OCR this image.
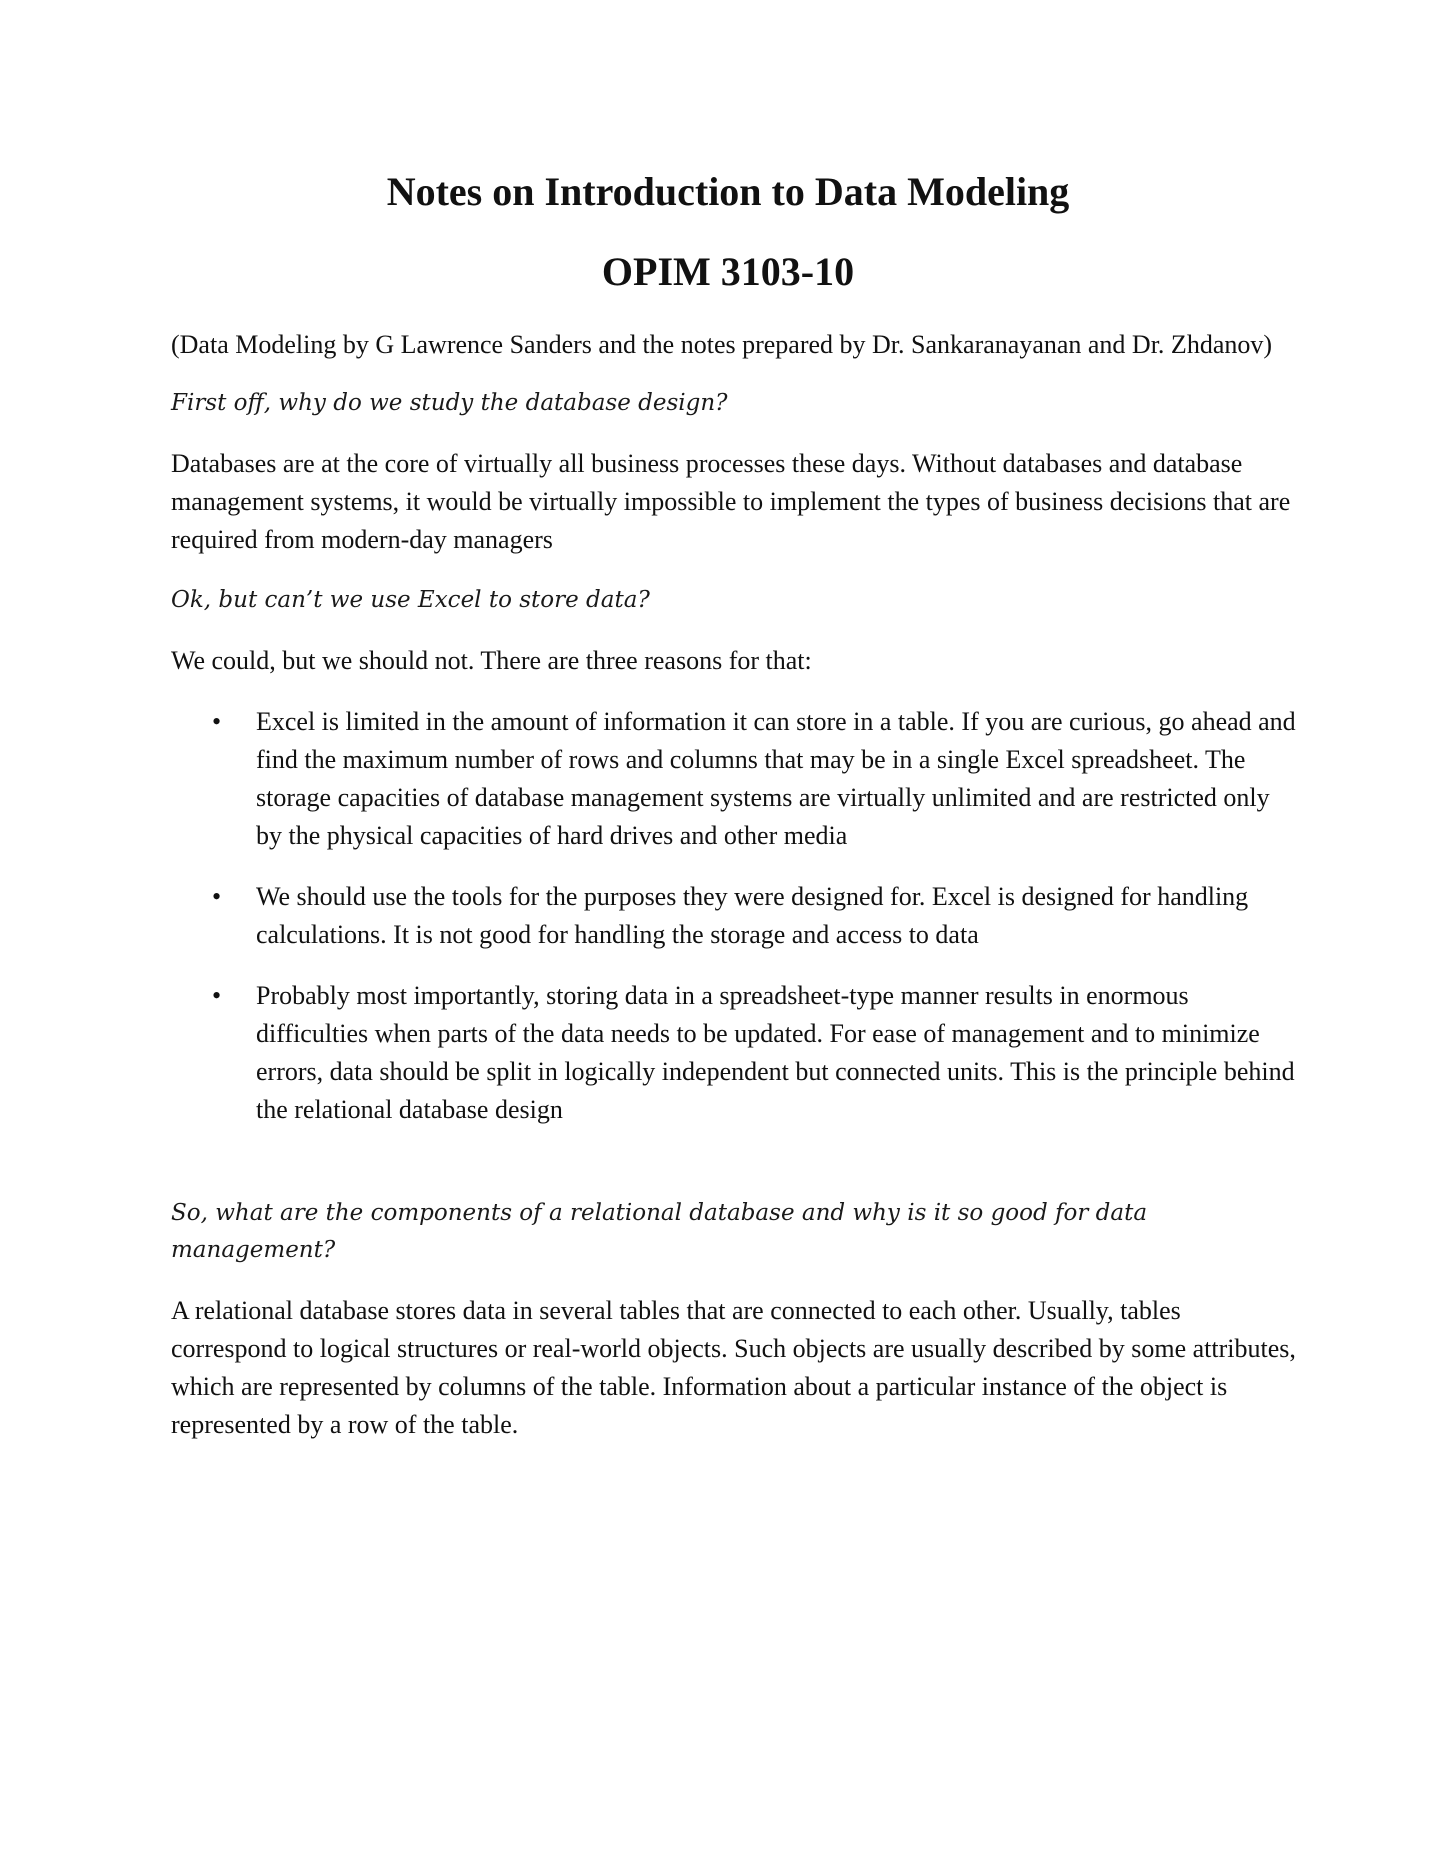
Notes on Introduction to Data Modeling
OPIM 3103-10

(Data Modeling by G Lawrence Sanders and the notes prepared by Dr. Sankaranayanan and Dr. Zhdanov)

First off, why do we study the database design?

Databases are at the core of virtually all business processes these days. Without databases and database management systems, it would be virtually impossible to implement the types of business decisions that are required from modern-day managers

Ok, but can’t we use Excel to store data?

We could, but we should not. There are three reasons for that:

• Excel is limited in the amount of information it can store in a table. If you are curious, go ahead and find the maximum number of rows and columns that may be in a single Excel spreadsheet. The storage capacities of database management systems are virtually unlimited and are restricted only by the physical capacities of hard drives and other media
• We should use the tools for the purposes they were designed for. Excel is designed for handling calculations. It is not good for handling the storage and access to data
• Probably most importantly, storing data in a spreadsheet-type manner results in enormous difficulties when parts of the data needs to be updated. For ease of management and to minimize errors, data should be split in logically independent but connected units. This is the principle behind the relational database design

So, what are the components of a relational database and why is it so good for data management?

A relational database stores data in several tables that are connected to each other. Usually, tables correspond to logical structures or real-world objects. Such objects are usually described by some attributes, which are represented by columns of the table. Information about a particular instance of the object is represented by a row of the table.
